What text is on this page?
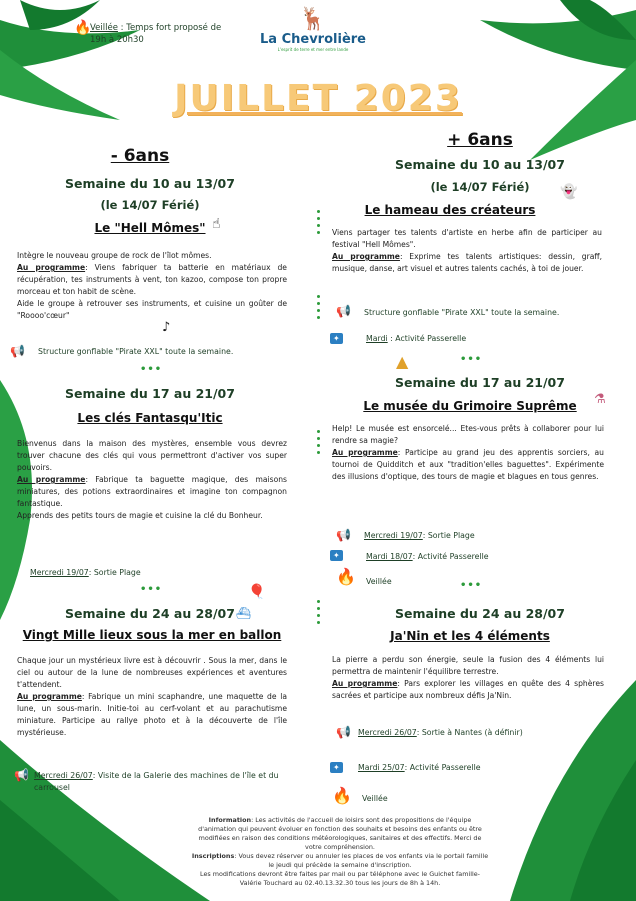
🔥
Veillée : Temps fort proposé de 19h à 20h30
🦌
La Chevrolière
L'esprit de terre et mer entre lande
JUILLET 2023
- 6ans
Semaine du 10 au 13/07
(le 14/07 Férié)
Le "Hell Mômes" ☝
Intègre le nouveau groupe de rock de l'îlot mômes.
Au programme: Viens fabriquer ta batterie en matériaux de récupération, tes instruments à vent, ton kazoo, compose ton propre morceau et ton habit de scène.
Aide le groupe à retrouver ses instruments, et cuisine un goûter de "Roooo'cœur"
♪
📢 Structure gonflable "Pirate XXL" toute la semaine.
•••
Semaine du 17 au 21/07
Les clés Fantasqu'Itic
Bienvenus dans la maison des mystères, ensemble vous devrez trouver chacune des clés qui vous permettront d'activer vos super pouvoirs.
Au programme: Fabrique ta baguette magique, des maisons miniatures, des potions extraordinaires et imagine ton compagnon fantastique.
Apprends des petits tours de magie et cuisine la clé du Bonheur.
Mercredi 19/07: Sortie Plage
•••
Semaine du 24 au 28/07
🎈
⛴
Vingt Mille lieux sous la mer en ballon
Chaque jour un mystérieux livre est à découvrir . Sous la mer, dans le ciel ou autour de la lune de nombreuses expériences et aventures t'attendent.
Au programme: Fabrique un mini scaphandre, une maquette de la lune, un sous-marin. Initie-toi au cerf-volant et au parachutisme miniature. Participe au rallye photo et à la découverte de l'île mystérieuse.
📢 Mercredi 26/07: Visite de la Galerie des machines de l'île et du carrousel
+ 6ans
Semaine du 10 au 13/07
(le 14/07 Férié)	👻
Le hameau des créateurs
Viens partager tes talents d'artiste en herbe afin de participer au festival "Hell Mômes".
Au programme: Exprime tes talents artistiques: dessin, graff, musique, danse, art visuel et autres talents cachés, à toi de jouer.
📢 Structure gonflable "Pirate XXL" toute la semaine.
✦	Mardi : Activité Passerelle
•••
▲
Semaine du 17 au 21/07
Le musée du Grimoire Suprême	⚗
Help! Le musée est ensorcelé... Etes-vous prêts à collaborer pour lui rendre sa magie?
Au programme: Participe au grand jeu des apprentis sorciers, au tournoi de Quidditch et aux "tradition'elles baguettes". Expérimente des illusions d'optique, des tours de magie et blagues en tous genres.
📢 Mercredi 19/07: Sortie Plage
✦	Mardi 18/07: Activité Passerelle
🔥 Veillée	•••
Semaine du 24 au 28/07
Ja'Nin et les 4 éléments
La pierre a perdu son énergie, seule la fusion des 4 éléments lui permettra de maintenir l'équilibre terrestre.
Au programme: Pars explorer les villages en quête des 4 sphères sacrées et participe aux nombreux défis Ja'Nin.
📢 Mercredi 26/07: Sortie à Nantes (à définir)
✦	Mardi 25/07: Activité Passerelle
🔥 Veillée
Information: Les activités de l'accueil de loisirs sont des propositions de l'équipe d'animation qui peuvent évoluer en fonction des souhaits et besoins des enfants ou être modifiées en raison des conditions météorologiques, sanitaires et des effectifs. Merci de votre compréhension.
Inscriptions: Vous devez réserver ou annuler les places de vos enfants via le portail famille le jeudi qui précède la semaine d'inscription.
Les modifications devront être faites par mail ou par téléphone avec le Guichet famille-Valérie Touchard au 02.40.13.32.30 tous les jours de 8h à 14h.
